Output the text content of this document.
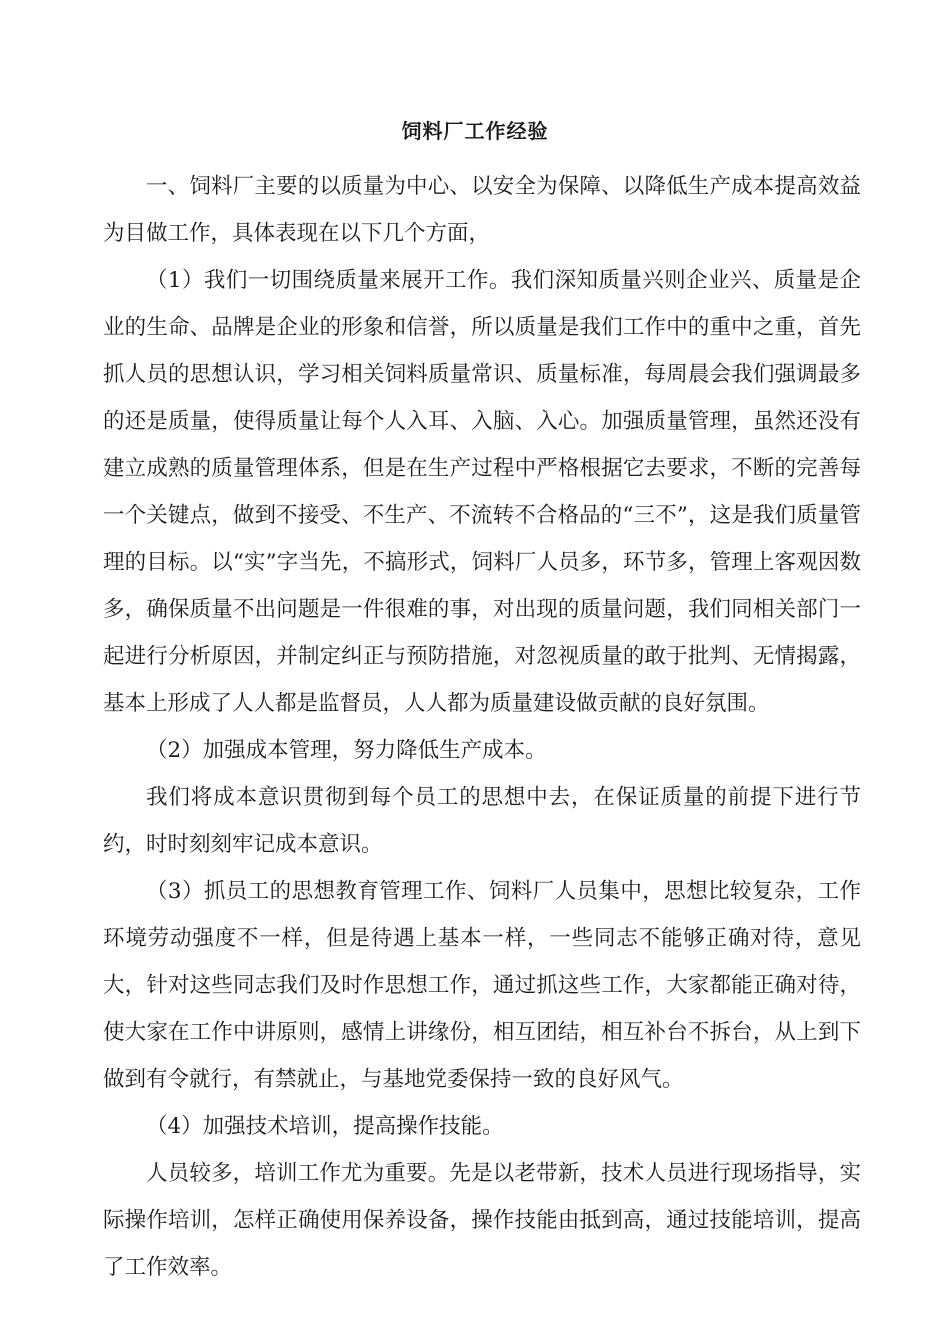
饲料厂工作经验

一、饲料厂主要的以质量为中心、以安全为保障、以降低生产成本提高效益为目做工作，具体表现在以下几个方面，

（1）我们一切围绕质量来展开工作。我们深知质量兴则企业兴、质量是企业的生命、品牌是企业的形象和信誉，所以质量是我们工作中的重中之重，首先抓人员的思想认识，学习相关饲料质量常识、质量标准，每周晨会我们强调最多的还是质量，使得质量让每个人入耳、入脑、入心。加强质量管理，虽然还没有建立成熟的质量管理体系，但是在生产过程中严格根据它去要求，不断的完善每一个关键点，做到不接受、不生产、不流转不合格品的“三不”，这是我们质量管理的目标。以“实”字当先，不搞形式，饲料厂人员多，环节多，管理上客观因数多，确保质量不出问题是一件很难的事，对出现的质量问题，我们同相关部门一起进行分析原因，并制定纠正与预防措施，对忽视质量的敢于批判、无情揭露，基本上形成了人人都是监督员，人人都为质量建设做贡献的良好氛围。

（2）加强成本管理，努力降低生产成本。

我们将成本意识贯彻到每个员工的思想中去，在保证质量的前提下进行节约，时时刻刻牢记成本意识。

（3）抓员工的思想教育管理工作、饲料厂人员集中，思想比较复杂，工作环境劳动强度不一样，但是待遇上基本一样，一些同志不能够正确对待，意见大，针对这些同志我们及时作思想工作，通过抓这些工作，大家都能正确对待，使大家在工作中讲原则，感情上讲缘份，相互团结，相互补台不拆台，从上到下做到有令就行，有禁就止，与基地党委保持一致的良好风气。

（4）加强技术培训，提高操作技能。

人员较多，培训工作尤为重要。先是以老带新，技术人员进行现场指导，实际操作培训，怎样正确使用保养设备，操作技能由抵到高，通过技能培训，提高了工作效率。
